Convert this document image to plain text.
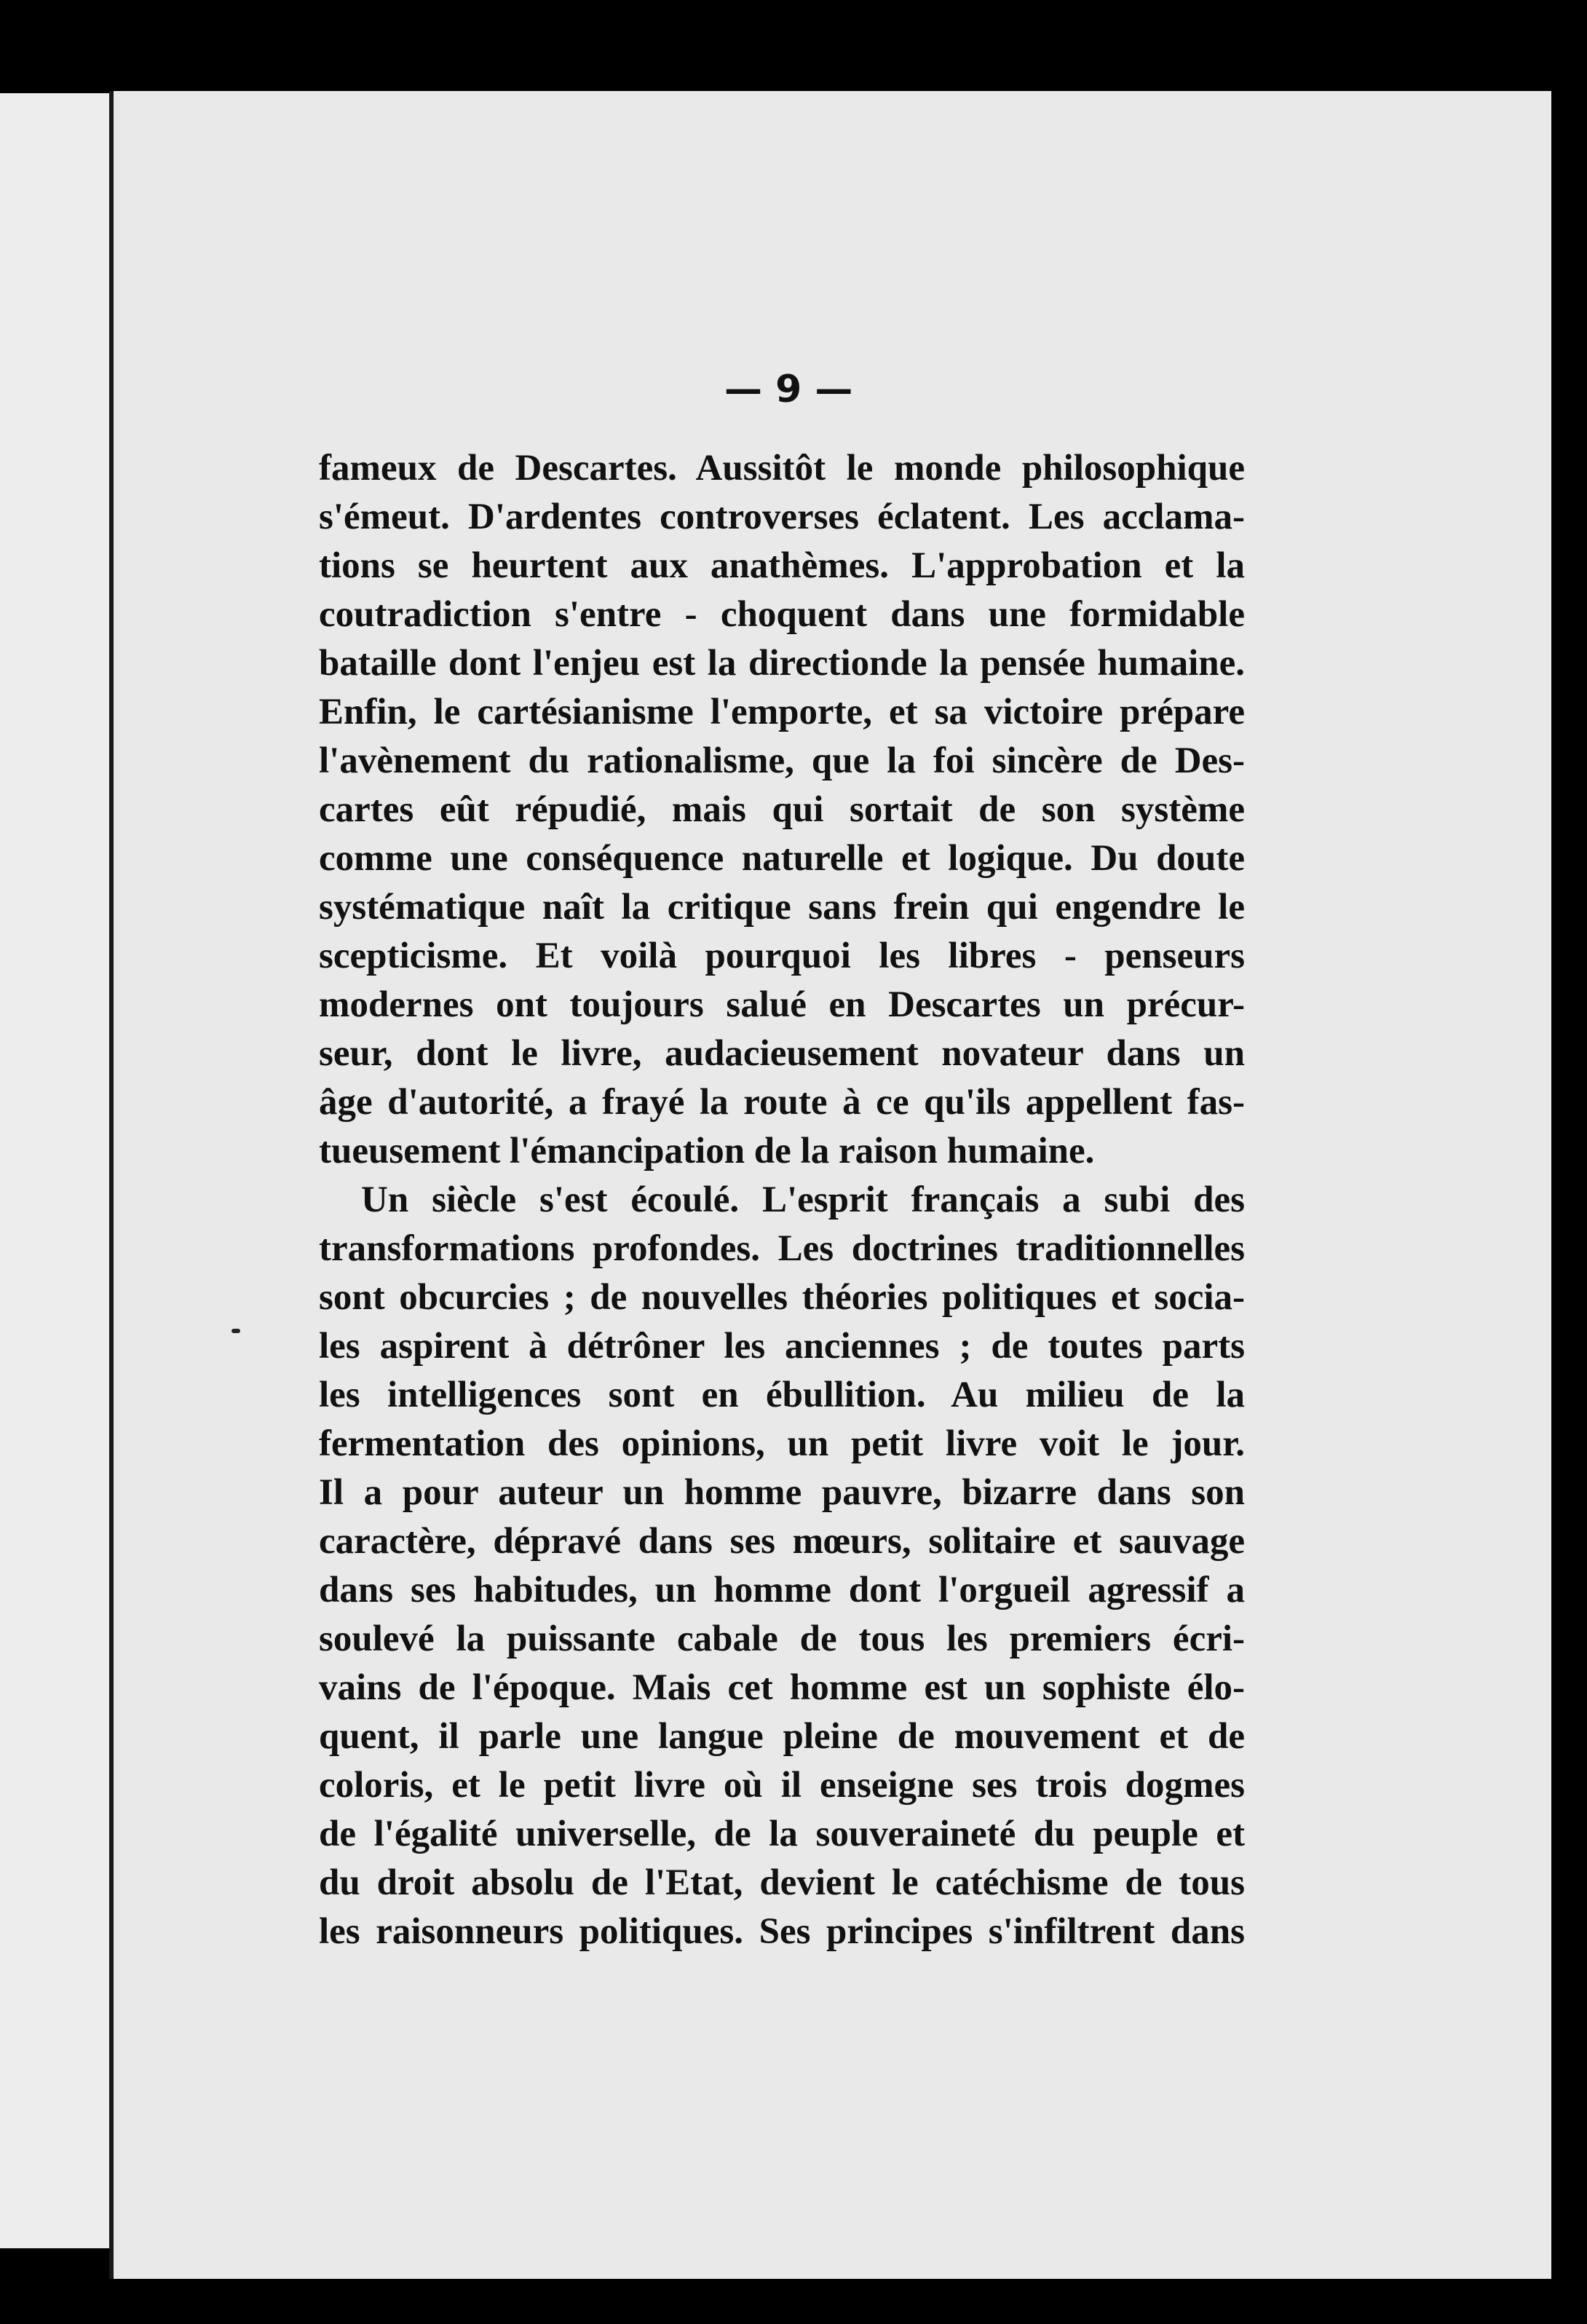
— 9 —
fameux de Descartes. Aussitôt le monde philosophique
s'émeut. D'ardentes controverses éclatent. Les acclama-
tions se heurtent aux anathèmes. L'approbation et la
coutradiction s'entre - choquent dans une formidable
bataille dont l'enjeu est la directionde la pensée humaine.
Enfin, le cartésianisme l'emporte, et sa victoire prépare
l'avènement du rationalisme, que la foi sincère de Des-
cartes eût répudié, mais qui sortait de son système
comme une conséquence naturelle et logique. Du doute
systématique naît la critique sans frein qui engendre le
scepticisme. Et voilà pourquoi les libres - penseurs
modernes ont toujours salué en Descartes un précur-
seur, dont le livre, audacieusement novateur dans un
âge d'autorité, a frayé la route à ce qu'ils appellent fas-
tueusement l'émancipation de la raison humaine.
Un siècle s'est écoulé. L'esprit français a subi des
transformations profondes. Les doctrines traditionnelles
sont obcurcies ; de nouvelles théories politiques et socia-
les aspirent à détrôner les anciennes ; de toutes parts
les intelligences sont en ébullition. Au milieu de la
fermentation des opinions, un petit livre voit le jour.
Il a pour auteur un homme pauvre, bizarre dans son
caractère, dépravé dans ses mœurs, solitaire et sauvage
dans ses habitudes, un homme dont l'orgueil agressif a
soulevé la puissante cabale de tous les premiers écri-
vains de l'époque. Mais cet homme est un sophiste élo-
quent, il parle une langue pleine de mouvement et de
coloris, et le petit livre où il enseigne ses trois dogmes
de l'égalité universelle, de la souveraineté du peuple et
du droit absolu de l'Etat, devient le catéchisme de tous
les raisonneurs politiques. Ses principes s'infiltrent dans
